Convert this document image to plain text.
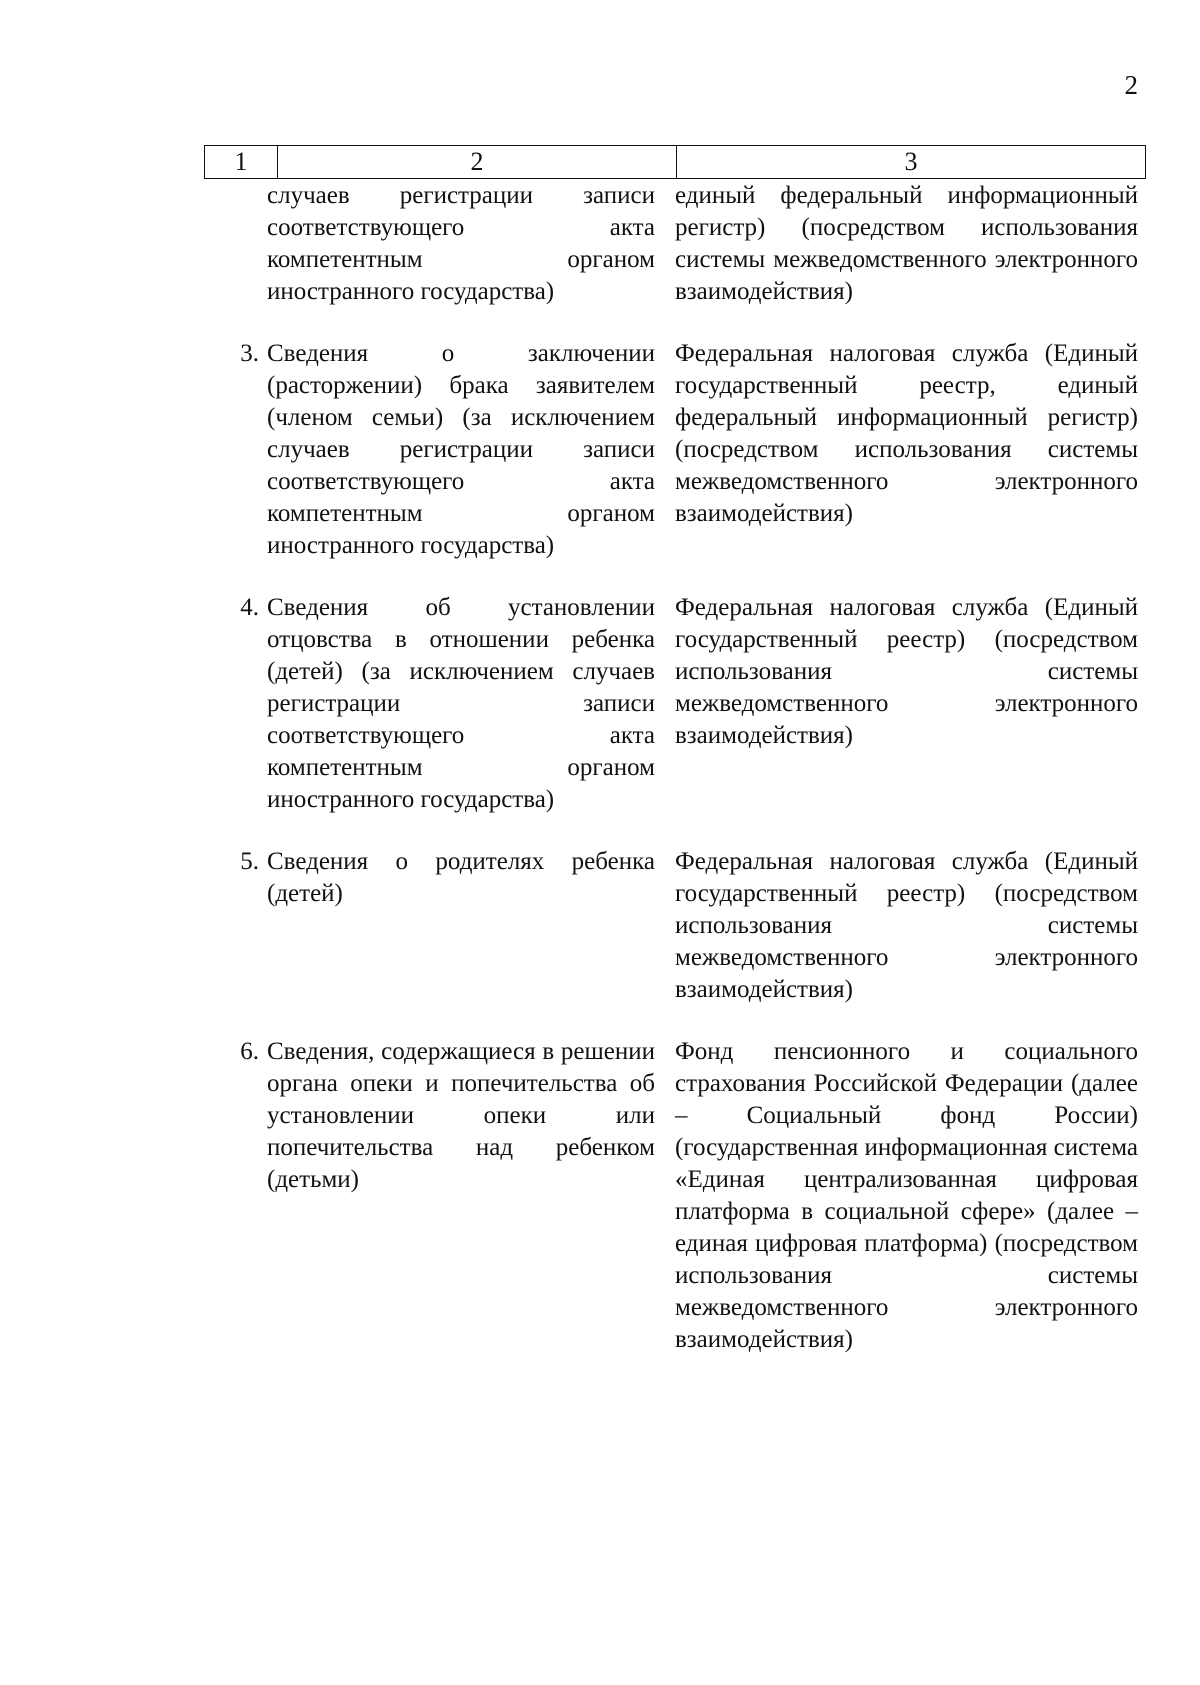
2
1	2	3
случаев регистрации записи соответствующего акта компетентным органом иностранного государства)
единый федеральный информационный регистр) (посредством использования системы межведомственного электронного взаимодействия)
3. Сведения о заключении (расторжении) брака заявителем (членом семьи) (за исключением случаев регистрации записи соответствующего акта компетентным органом иностранного государства)
Федеральная налоговая служба (Единый государственный реестр, единый федеральный информационный регистр) (посредством использования системы межведомственного электронного взаимодействия)
4. Сведения об установлении отцовства в отношении ребенка (детей) (за исключением случаев регистрации записи соответствующего акта компетентным органом иностранного государства)
Федеральная налоговая служба (Единый государственный реестр) (посредством использования системы межведомственного электронного взаимодействия)
5. Сведения о родителях ребенка (детей)
Федеральная налоговая служба (Единый государственный реестр) (посредством использования системы межведомственного электронного взаимодействия)
6. Сведения, содержащиеся в решении органа опеки и попечительства об установлении опеки или попечительства над ребенком (детьми)
Фонд пенсионного и социального страхования Российской Федерации (далее – Социальный фонд России) (государственная информационная система «Единая централизованная цифровая платформа в социальной сфере» (далее – единая цифровая платформа) (посредством использования системы межведомственного электронного взаимодействия)
